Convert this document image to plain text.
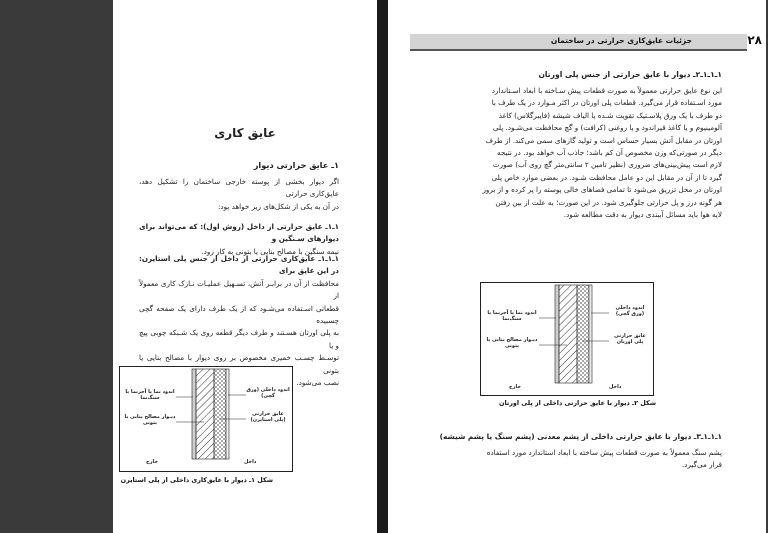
عایق کاری
۱ـ عایق حرارتی دیوار
اگر دیوار بخشی از پوسته خارجی ساختمان را تشکیل دهد، عایق‌کاری حرارتی
در آن به یکی از شکل‌های زیر خواهد بود:
۱ـ۱ـ عایق حرارتی از داخل (روش اول): که می‌تواند برای دیوارهای سـنگین و
نیمه سنگین با مصالح بنایی یا بتونی به کار رود.
۱ـ۱ـ۱ـ عایق‌کاری حرارتی از داخل از جنس پلی استایرن: در این عایق برای
محافظت از آن در برابـر آتش، تسـهیل عملیـات نـازک کاری معمولاً از
قطعاتی اسـتفاده می‌شـود که از یک طرف دارای یک صفحه گچی چسبیده
به پلی اورتان هسـتند و طرف دیگر قطعه روی یک شـبکه چوبی پیچ و یا
توسـط چسـب خمیری مخصوص بر روی دیوار با مصالح بنایی یا بتونی
نصب می‌شود.
اندود نما یا آجرنما یا سنگ‌نما
دیـوار مصالح بنایی یا بتونی
اندود داخلی (ورق گچی)
عایق حرارتی (پلی استایرن)
خارج	داخل
شکل ۱ـ دیوار با عایق‌کاری داخلی از پلی استایرن
جزئیات عایق‌کاری حرارتی در ساختمان	۲۸
۱ـ۱ـ۱ـ۲ـ دیوار با عایق حرارتی از جنس پلی اورتان
این نوع عایق حرارتی معمولاً به صورت قطعات پیش سـاخته با ابعاد اسـتاندارد
مورد اسـتفاده قرار می‌گیرد. قطعات پلی اورتان در اکثر مـوارد در یک طرف با
دو طرف با یک ورق پلاسـتیک تقویت شـده یا الیاف شیشه (فایبرگلاس) کاغذ
آلومینیوم و یا کاغذ قیراندود و یا روغنی (کرافت) و گچ محافظت می‌شـود. پلی
اورتان در مقابل آتش بسیار حساس است و تولید گازهای سمی می‌کند. از طرف
دیگر در صورتی‌که وزن مخصوص آن کم باشد؛ جاذب آب خواهد بود. در نتیجه
لازم است پیش‌بینی‌های ضروری (نظیر تامین ۲ سانتی‌متر گچ روی آب) صورت
گیرد تا از آن در مقابل این دو عامل محافظت شـود. در بعضی موارد خاص پلی
اورتان در محل تزریق می‌شود تا تمامی فضاهای خالی پوسته را پر کرده و از بروز
هر گونه درز و پل حرارتی جلوگیری شود. در این صورت؛ به علت از بین رفتن
لایه هوا باید مسائل آببندی دیوار به دقت مطالعه شود.
اندود نما یا آجرنما یا سنگ‌نما
دیـوار مصالح بنایی یا بتونی
اندود داخلی (ورق گچی)
عایق حرارتی پلی اورتان
خارج	داخل
شکل ۲ـ دیوار با عایق حرارتی داخلی از پلی اورتان
۱ـ۱ـ۱ـ۳ـ دیوار با عایق حرارتی داخلی از پشم معدنی (پشم سنگ یا پشم شیشه)
پشم سنگ معمولاً به صورت قطعات پیش ساخته با ابعاد استاندارد مورد استفاده
قرار می‌گیرد.
